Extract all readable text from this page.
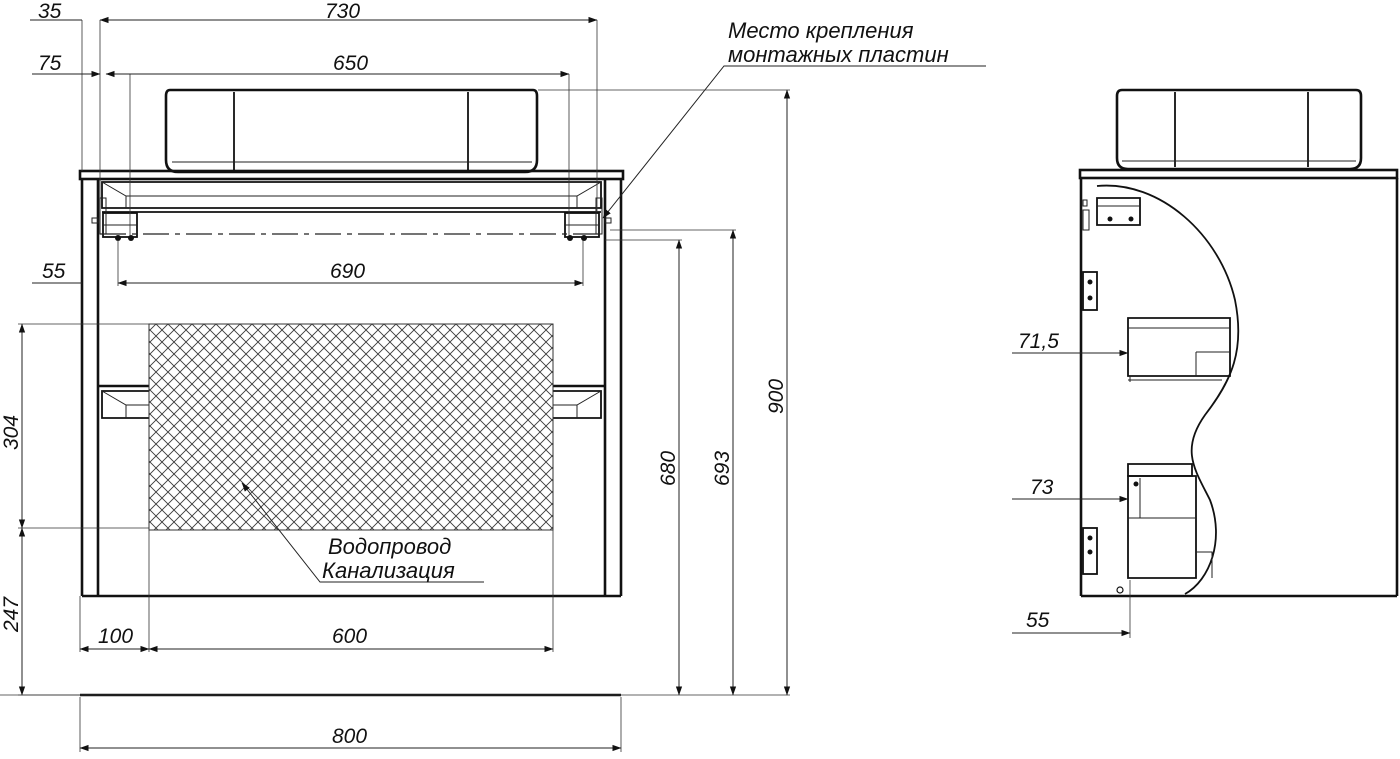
Водопровод
Канализация
Место крепления
монтажных пластин
35	730
75	650
55	690
304
247
100	600
800
680 693
900
71,5
73
55
